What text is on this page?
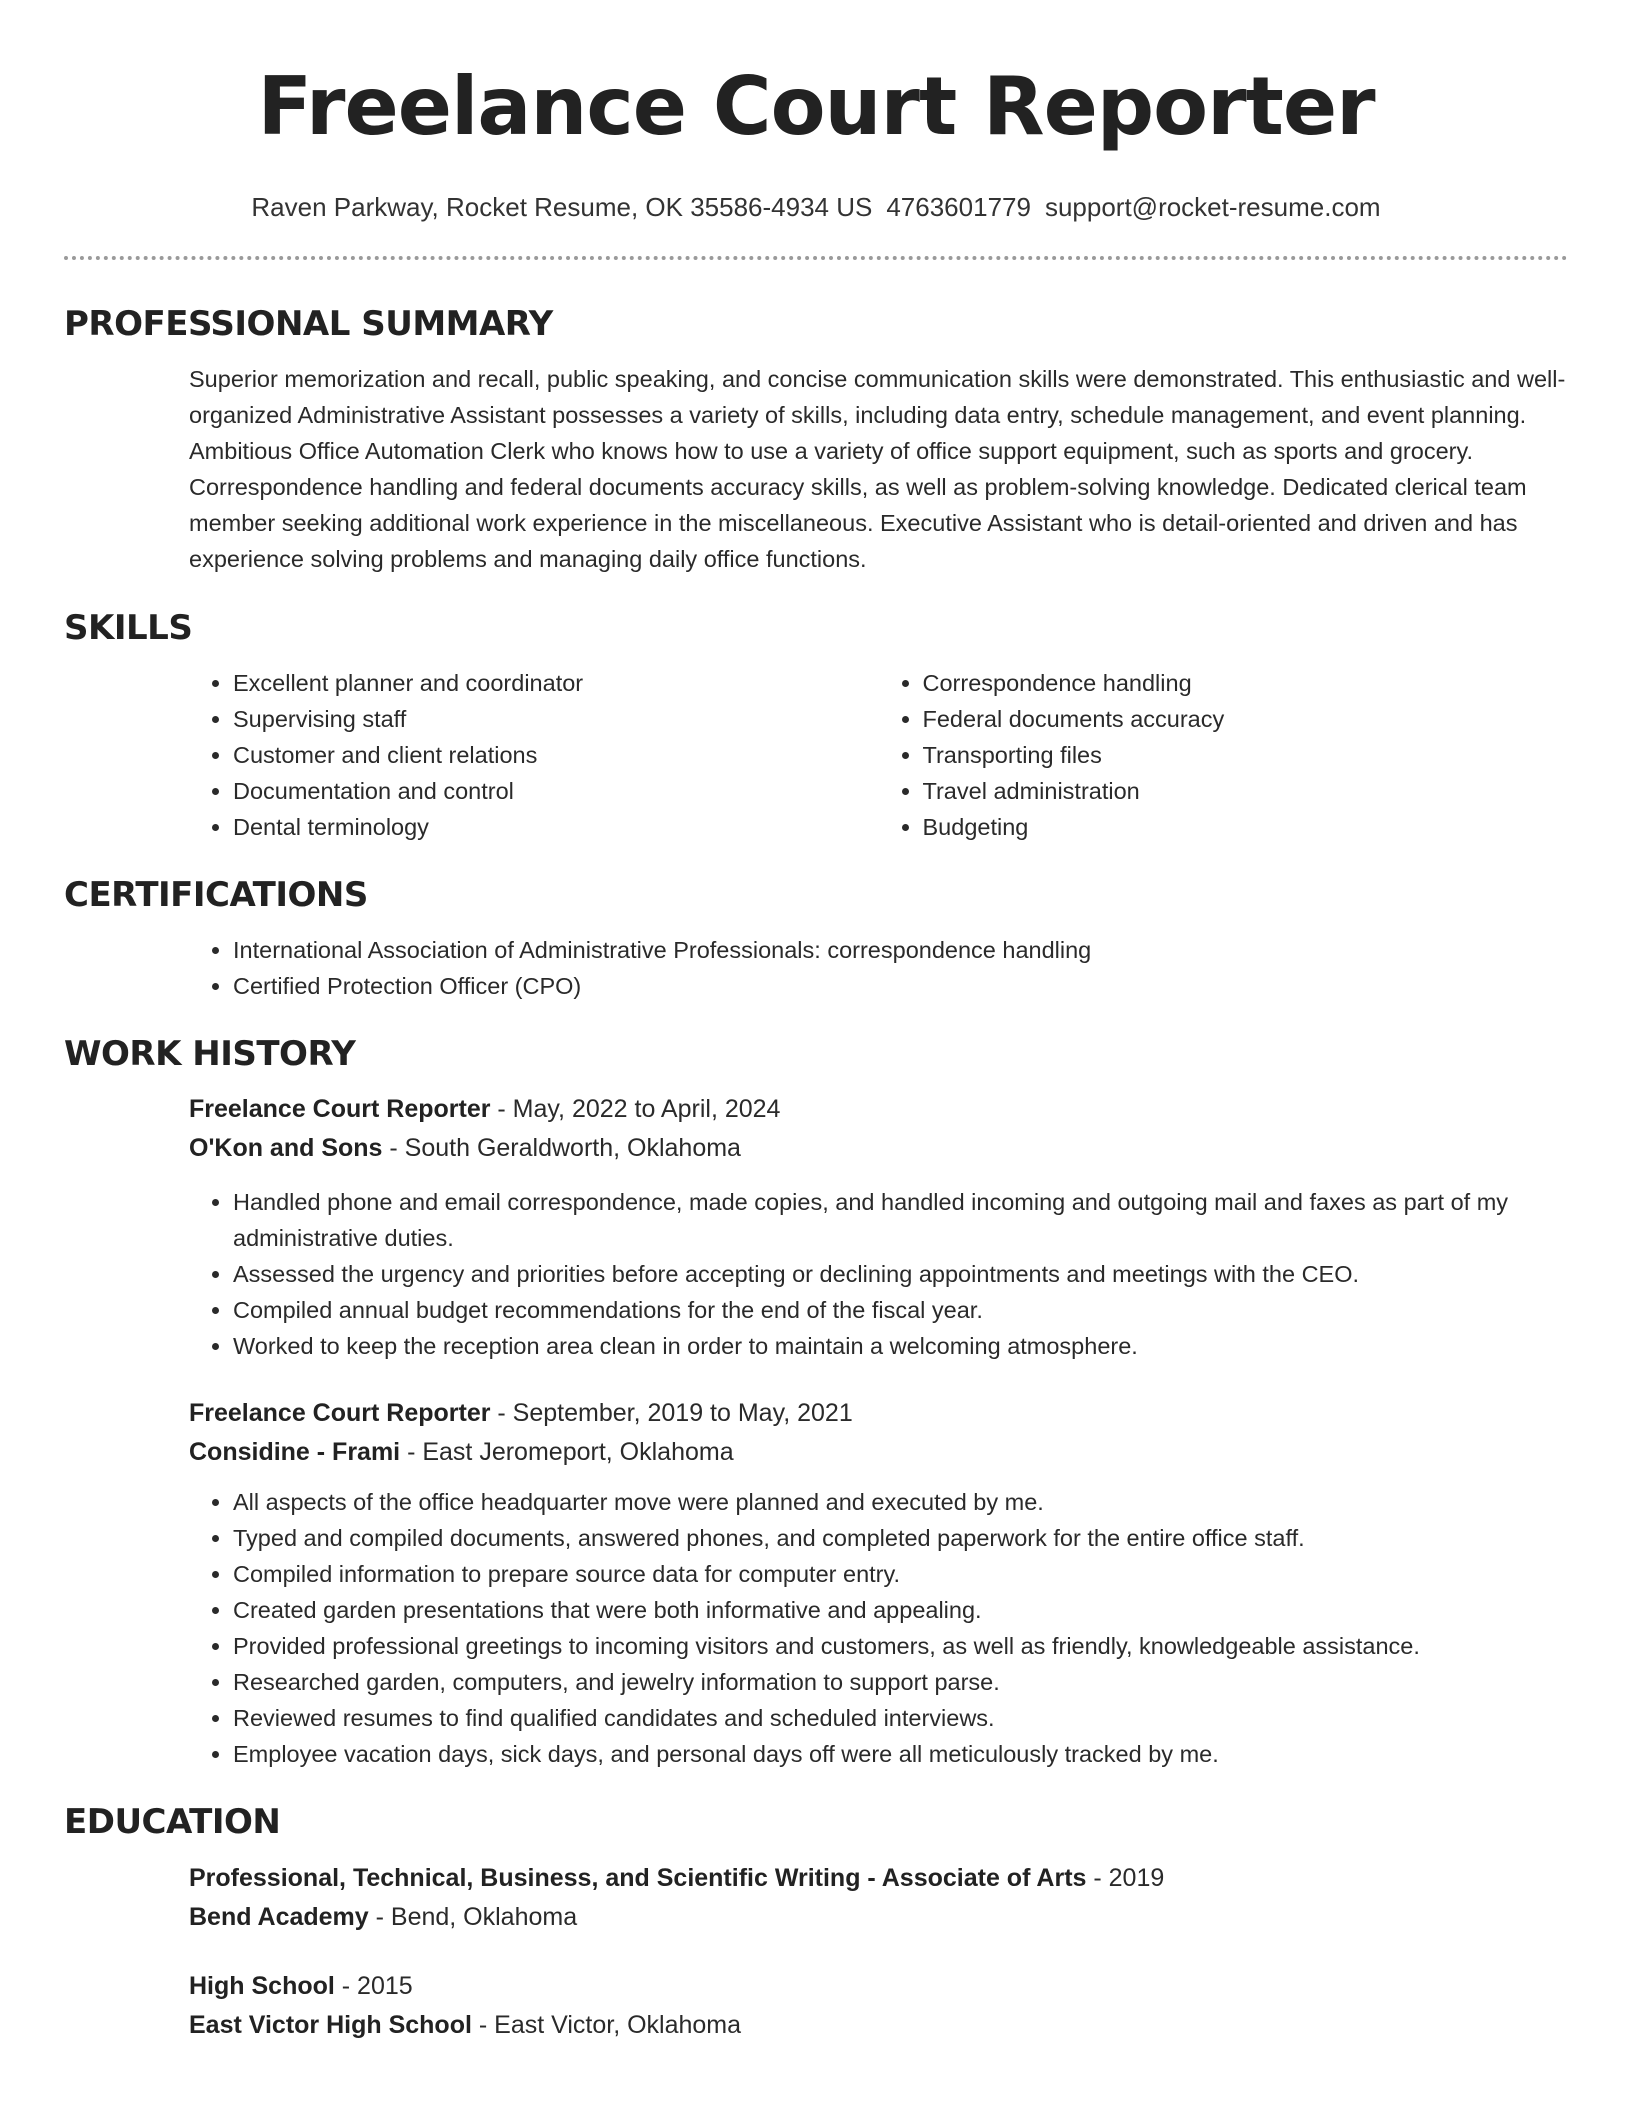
Freelance Court Reporter
Raven Parkway, Rocket Resume, OK 35586-4934 US 4763601779 support@rocket-resume.com
PROFESSIONAL SUMMARY
Superior memorization and recall, public speaking, and concise communication skills were demonstrated. This enthusiastic and well-organized Administrative Assistant possesses a variety of skills, including data entry, schedule management, and event planning. Ambitious Office Automation Clerk who knows how to use a variety of office support equipment, such as sports and grocery. Correspondence handling and federal documents accuracy skills, as well as problem-solving knowledge. Dedicated clerical team member seeking additional work experience in the miscellaneous. Executive Assistant who is detail-oriented and driven and has experience solving problems and managing daily office functions.
SKILLS
• Excellent planner and coordinator
• Supervising staff
• Customer and client relations
• Documentation and control
• Dental terminology
• Correspondence handling
• Federal documents accuracy
• Transporting files
• Travel administration
• Budgeting
CERTIFICATIONS
• International Association of Administrative Professionals: correspondence handling
• Certified Protection Officer (CPO)
WORK HISTORY
Freelance Court Reporter - May, 2022 to April, 2024
O'Kon and Sons - South Geraldworth, Oklahoma
• Handled phone and email correspondence, made copies, and handled incoming and outgoing mail and faxes as part of my administrative duties.
• Assessed the urgency and priorities before accepting or declining appointments and meetings with the CEO.
• Compiled annual budget recommendations for the end of the fiscal year.
• Worked to keep the reception area clean in order to maintain a welcoming atmosphere.
Freelance Court Reporter - September, 2019 to May, 2021
Considine - Frami - East Jeromeport, Oklahoma
• All aspects of the office headquarter move were planned and executed by me.
• Typed and compiled documents, answered phones, and completed paperwork for the entire office staff.
• Compiled information to prepare source data for computer entry.
• Created garden presentations that were both informative and appealing.
• Provided professional greetings to incoming visitors and customers, as well as friendly, knowledgeable assistance.
• Researched garden, computers, and jewelry information to support parse.
• Reviewed resumes to find qualified candidates and scheduled interviews.
• Employee vacation days, sick days, and personal days off were all meticulously tracked by me.
EDUCATION
Professional, Technical, Business, and Scientific Writing - Associate of Arts - 2019
Bend Academy - Bend, Oklahoma
High School - 2015
East Victor High School - East Victor, Oklahoma
